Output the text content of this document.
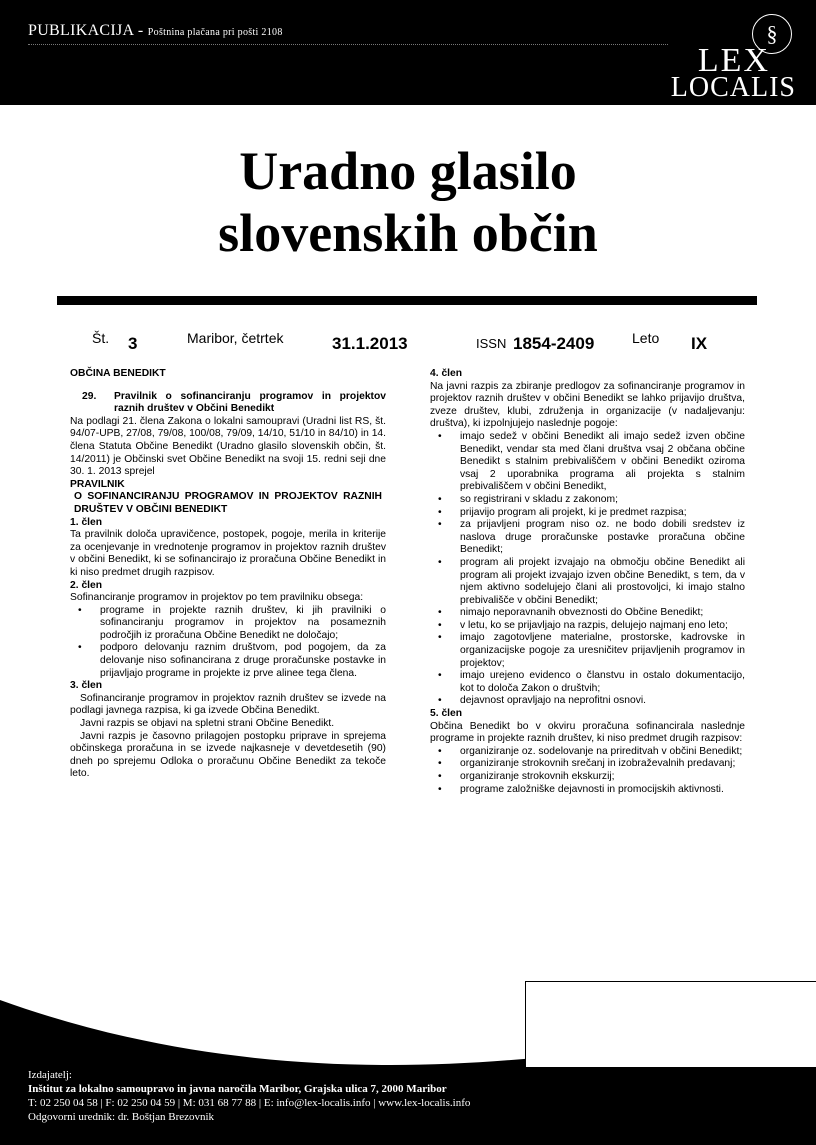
PUBLIKACIJA - Poštnina plačana pri pošti 2108	§
LEX
LOCALIS
Uradno glasilo
slovenskih občin
Št. 3	Maribor, četrtek	31.1.2013	ISSN 1854-2409	Leto IX

OBČINA BENEDIKT

29.	Pravilnik o sofinanciranju programov in projektov raznih društev v Občini Benedikt

Na podlagi 21. člena Zakona o lokalni samoupravi (Uradni list RS, št. 94/07-UPB, 27/08, 79/08, 100/08, 79/09, 14/10, 51/10 in 84/10) in 14. člena Statuta Občine Benedikt (Uradno glasilo slovenskih občin, št. 14/2011) je Občinski svet Občine Benedikt na svoji 15. redni seji dne 30. 1. 2013 sprejel

PRAVILNIK

O SOFINANCIRANJU PROGRAMOV IN PROJEKTOV RAZNIH DRUŠTEV V OBČINI BENEDIKT

1. člen

Ta pravilnik določa upravičence, postopek, pogoje, merila in kriterije za ocenjevanje in vrednotenje programov in projektov raznih društev v občini Benedikt, ki se sofinancirajo iz proračuna Občine Benedikt in ki niso predmet drugih razpisov.

2. člen

Sofinanciranje programov in projektov po tem pravilniku obsega:

• programe in projekte raznih društev, ki jih pravilniki o sofinanciranju programov in projektov na posameznih področjih iz proračuna Občine Benedikt ne določajo;
• podporo delovanju raznim društvom, pod pogojem, da za delovanje niso sofinancirana z druge proračunske postavke in prijavljajo programe in projekte iz prve alinee tega člena.

3. člen

Sofinanciranje programov in projektov raznih društev se izvede na podlagi javnega razpisa, ki ga izvede Občina Benedikt.

Javni razpis se objavi na spletni strani Občine Benedikt.

Javni razpis je časovno prilagojen postopku priprave in sprejema občinskega proračuna in se izvede najkasneje v devetdesetih (90) dneh po sprejemu Odloka o proračunu Občine Benedikt za tekoče leto.

4. člen

Na javni razpis za zbiranje predlogov za sofinanciranje programov in projektov raznih društev v občini Benedikt se lahko prijavijo društva, zveze društev, klubi, združenja in organizacije (v nadaljevanju: društva), ki izpolnjujejo naslednje pogoje:

• imajo sedež v občini Benedikt ali imajo sedež izven občine Benedikt, vendar sta med člani društva vsaj 2 občana občine Benedikt s stalnim prebivališčem v občini Benedikt oziroma vsaj 2 uporabnika programa ali projekta s stalnim prebivališčem v občini Benedikt,
• so registrirani v skladu z zakonom;
• prijavijo program ali projekt, ki je predmet razpisa;
• za prijavljeni program niso oz. ne bodo dobili sredstev iz naslova druge proračunske postavke proračuna občine Benedikt;
• program ali projekt izvajajo na območju občine Benedikt ali program ali projekt izvajajo izven občine Benedikt, s tem, da v njem aktivno sodelujejo člani ali prostovoljci, ki imajo stalno prebivališče v občini Benedikt;
• nimajo neporavnanih obveznosti do Občine Benedikt;
• v letu, ko se prijavljajo na razpis, delujejo najmanj eno leto;
• imajo zagotovljene materialne, prostorske, kadrovske in organizacijske pogoje za uresničitev prijavljenih programov in projektov;
• imajo urejeno evidenco o članstvu in ostalo dokumentacijo, kot to določa Zakon o društvih;
• dejavnost opravljajo na neprofitni osnovi.

5. člen

Občina Benedikt bo v okviru proračuna sofinancirala naslednje programe in projekte raznih društev, ki niso predmet drugih razpisov:

• organiziranje oz. sodelovanje na prireditvah v občini Benedikt;
• organiziranje strokovnih srečanj in izobraževalnih predavanj;
• organiziranje strokovnih ekskurzij;
• programe založniške dejavnosti in promocijskih aktivnosti.
Izdajatelj:
Inštitut za lokalno samoupravo in javna naročila Maribor, Grajska ulica 7, 2000 Maribor
T: 02 250 04 58 | F: 02 250 04 59 | M: 031 68 77 88 | E: info@lex-localis.info | www.lex-localis.info
Odgovorni urednik: dr. Boštjan Brezovnik
